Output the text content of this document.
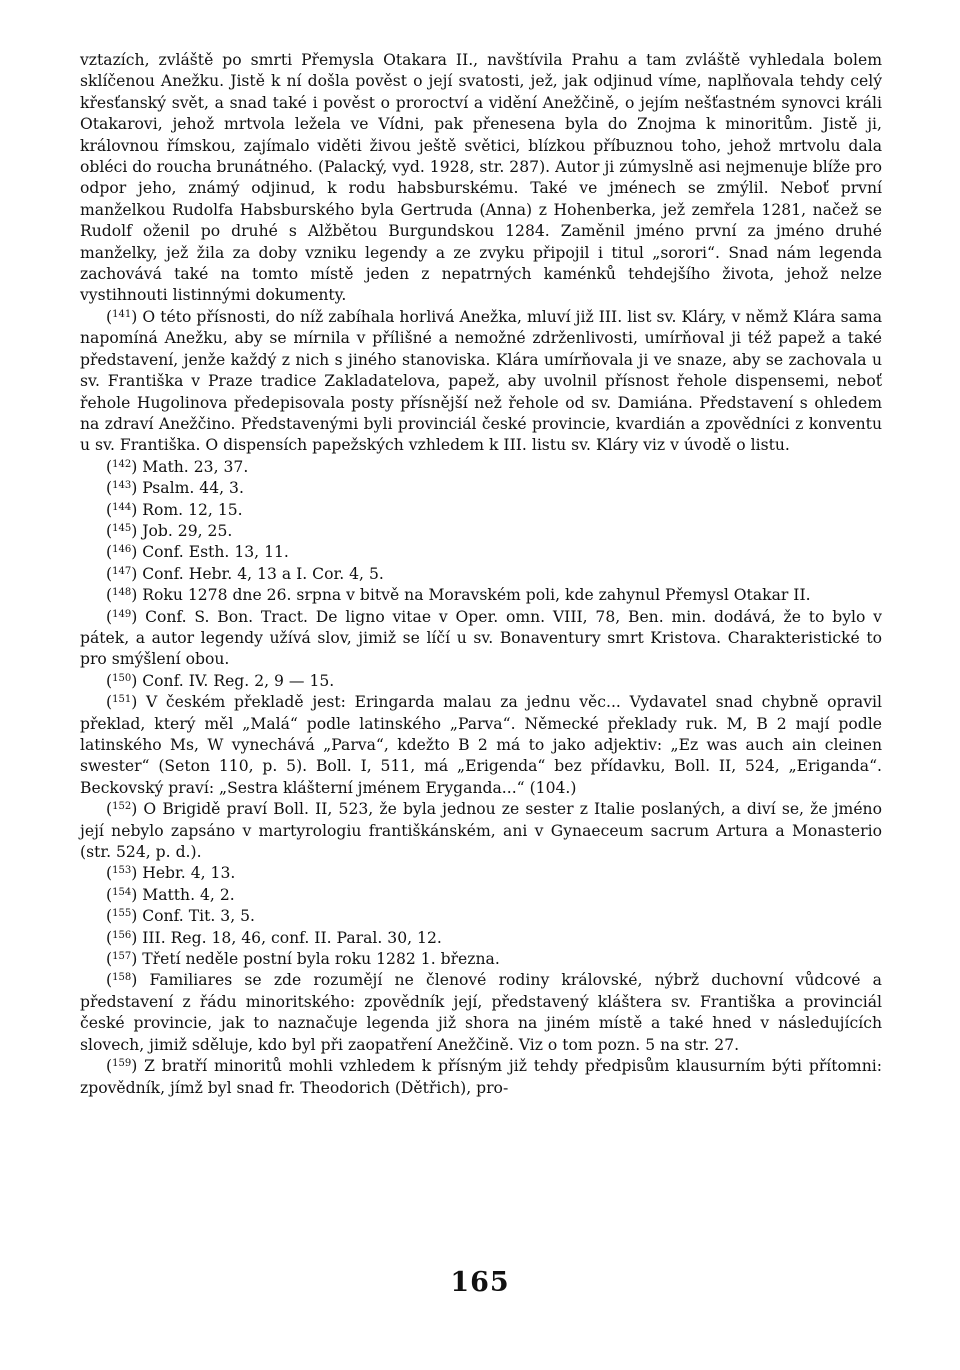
vztazích, zvláště po smrti Přemysla Otakara II., navštívila Prahu a tam zvláště vyhledala bolem sklíčenou Anežku. Jistě k ní došla pověst o její svatosti, jež, jak odjinud víme, naplňovala tehdy celý křesťanský svět, a snad také i pověst o proroctví a vidění Anežčině, o jejím nešťastném synovci králi Otakarovi, jehož mrtvola ležela ve Vídni, pak přenesena byla do Znojma k minoritům. Jistě ji, královnou římskou, zajímalo viděti živou ještě světici, blízkou příbuznou toho, jehož mrtvolu dala obléci do roucha brunátného. (Palacký, vyd. 1928, str. 287). Autor ji zúmyslně asi nejmenuje blíže pro odpor jeho, známý odjinud, k rodu habsburskému. Také ve jménech se zmýlil. Neboť první manželkou Rudolfa Habsburského byla Gertruda (Anna) z Hohenberka, jež zemřela 1281, načež se Rudolf oženil po druhé s Alžbětou Burgundskou 1284. Zaměnil jméno první za jméno druhé manželky, jež žila za doby vzniku legendy a ze zvyku připojil i titul „sorori“. Snad nám legenda zachovává také na tomto místě jeden z nepatrných kaménků tehdejšího života, jehož nelze vystihnouti listinnými dokumenty.

($^{141}$) O této přísnosti, do níž zabíhala horlivá Anežka, mluví již III. list sv. Kláry, v němž Klára sama napomíná Anežku, aby se mírnila v přílišné a nemožné zdrženlivosti, umírňoval ji též papež a také představení, jenže každý z nich s jiného stanoviska. Klára umírňovala ji ve snaze, aby se zachovala u sv. Františka v Praze tradice Zakladatelova, papež, aby uvolnil přísnost řehole dispensemi, neboť řehole Hugolinova předepisovala posty přísnější než řehole od sv. Damiána. Představení s ohledem na zdraví Anežčino. Představenými byli provinciál české provincie, kvardián a zpovědníci z konventu u sv. Františka. O dispensích papežských vzhledem k III. listu sv. Kláry viz v úvodě o listu.

($^{142}$) Math. 23, 37.

($^{143}$) Psalm. 44, 3.

($^{144}$) Rom. 12, 15.

($^{145}$) Job. 29, 25.

($^{146}$) Conf. Esth. 13, 11.

($^{147}$) Conf. Hebr. 4, 13 a I. Cor. 4, 5.

($^{148}$) Roku 1278 dne 26. srpna v bitvě na Moravském poli, kde zahynul Přemysl Otakar II.

($^{149}$) Conf. S. Bon. Tract. De ligno vitae v Oper. omn. VIII, 78, Ben. min. dodává, že to bylo v pátek, a autor legendy užívá slov, jimiž se líčí u sv. Bonaventury smrt Kristova. Charakteristické to pro smýšlení obou.

($^{150}$) Conf. IV. Reg. 2, 9 — 15.

($^{151}$) V českém překladě jest: Eringarda malau za jednu věc... Vydavatel snad chybně opravil překlad, který měl „Malá“ podle latinského „Parva“. Německé překlady ruk. M, B 2 mají podle latinského Ms, W vynechává „Parva“, kdežto B 2 má to jako adjektiv: „Ez was auch ain cleinen swester“ (Seton 110, p. 5). Boll. I, 511, má „Erigenda“ bez přídavku, Boll. II, 524, „Eriganda“. Beckovský praví: „Sestra klášterní jménem Eryganda...“ (104.)

($^{152}$) O Brigidě praví Boll. II, 523, že byla jednou ze sester z Italie poslaných, a diví se, že jméno její nebylo zapsáno v martyrologiu františkánském, ani v Gynaeceum sacrum Artura a Monasterio (str. 524, p. d.).

($^{153}$) Hebr. 4, 13.

($^{154}$) Matth. 4, 2.

($^{155}$) Conf. Tit. 3, 5.

($^{156}$) III. Reg. 18, 46, conf. II. Paral. 30, 12.

($^{157}$) Třetí neděle postní byla roku 1282 1. března.

($^{158}$) Familiares se zde rozumějí ne členové rodiny královské, nýbrž duchovní vůdcové a představení z řádu minoritského: zpovědník její, představený kláštera sv. Františka a provinciál české provincie, jak to naznačuje legenda již shora na jiném místě a také hned v následujících slovech, jimiž sděluje, kdo byl při zaopatření Anežčině. Viz o tom pozn. 5 na str. 27.

($^{159}$) Z bratří minoritů mohli vzhledem k přísným již tehdy předpisům klausurním býti přítomni: zpovědník, jímž byl snad fr. Theodorich (Dětřich), pro-

165
